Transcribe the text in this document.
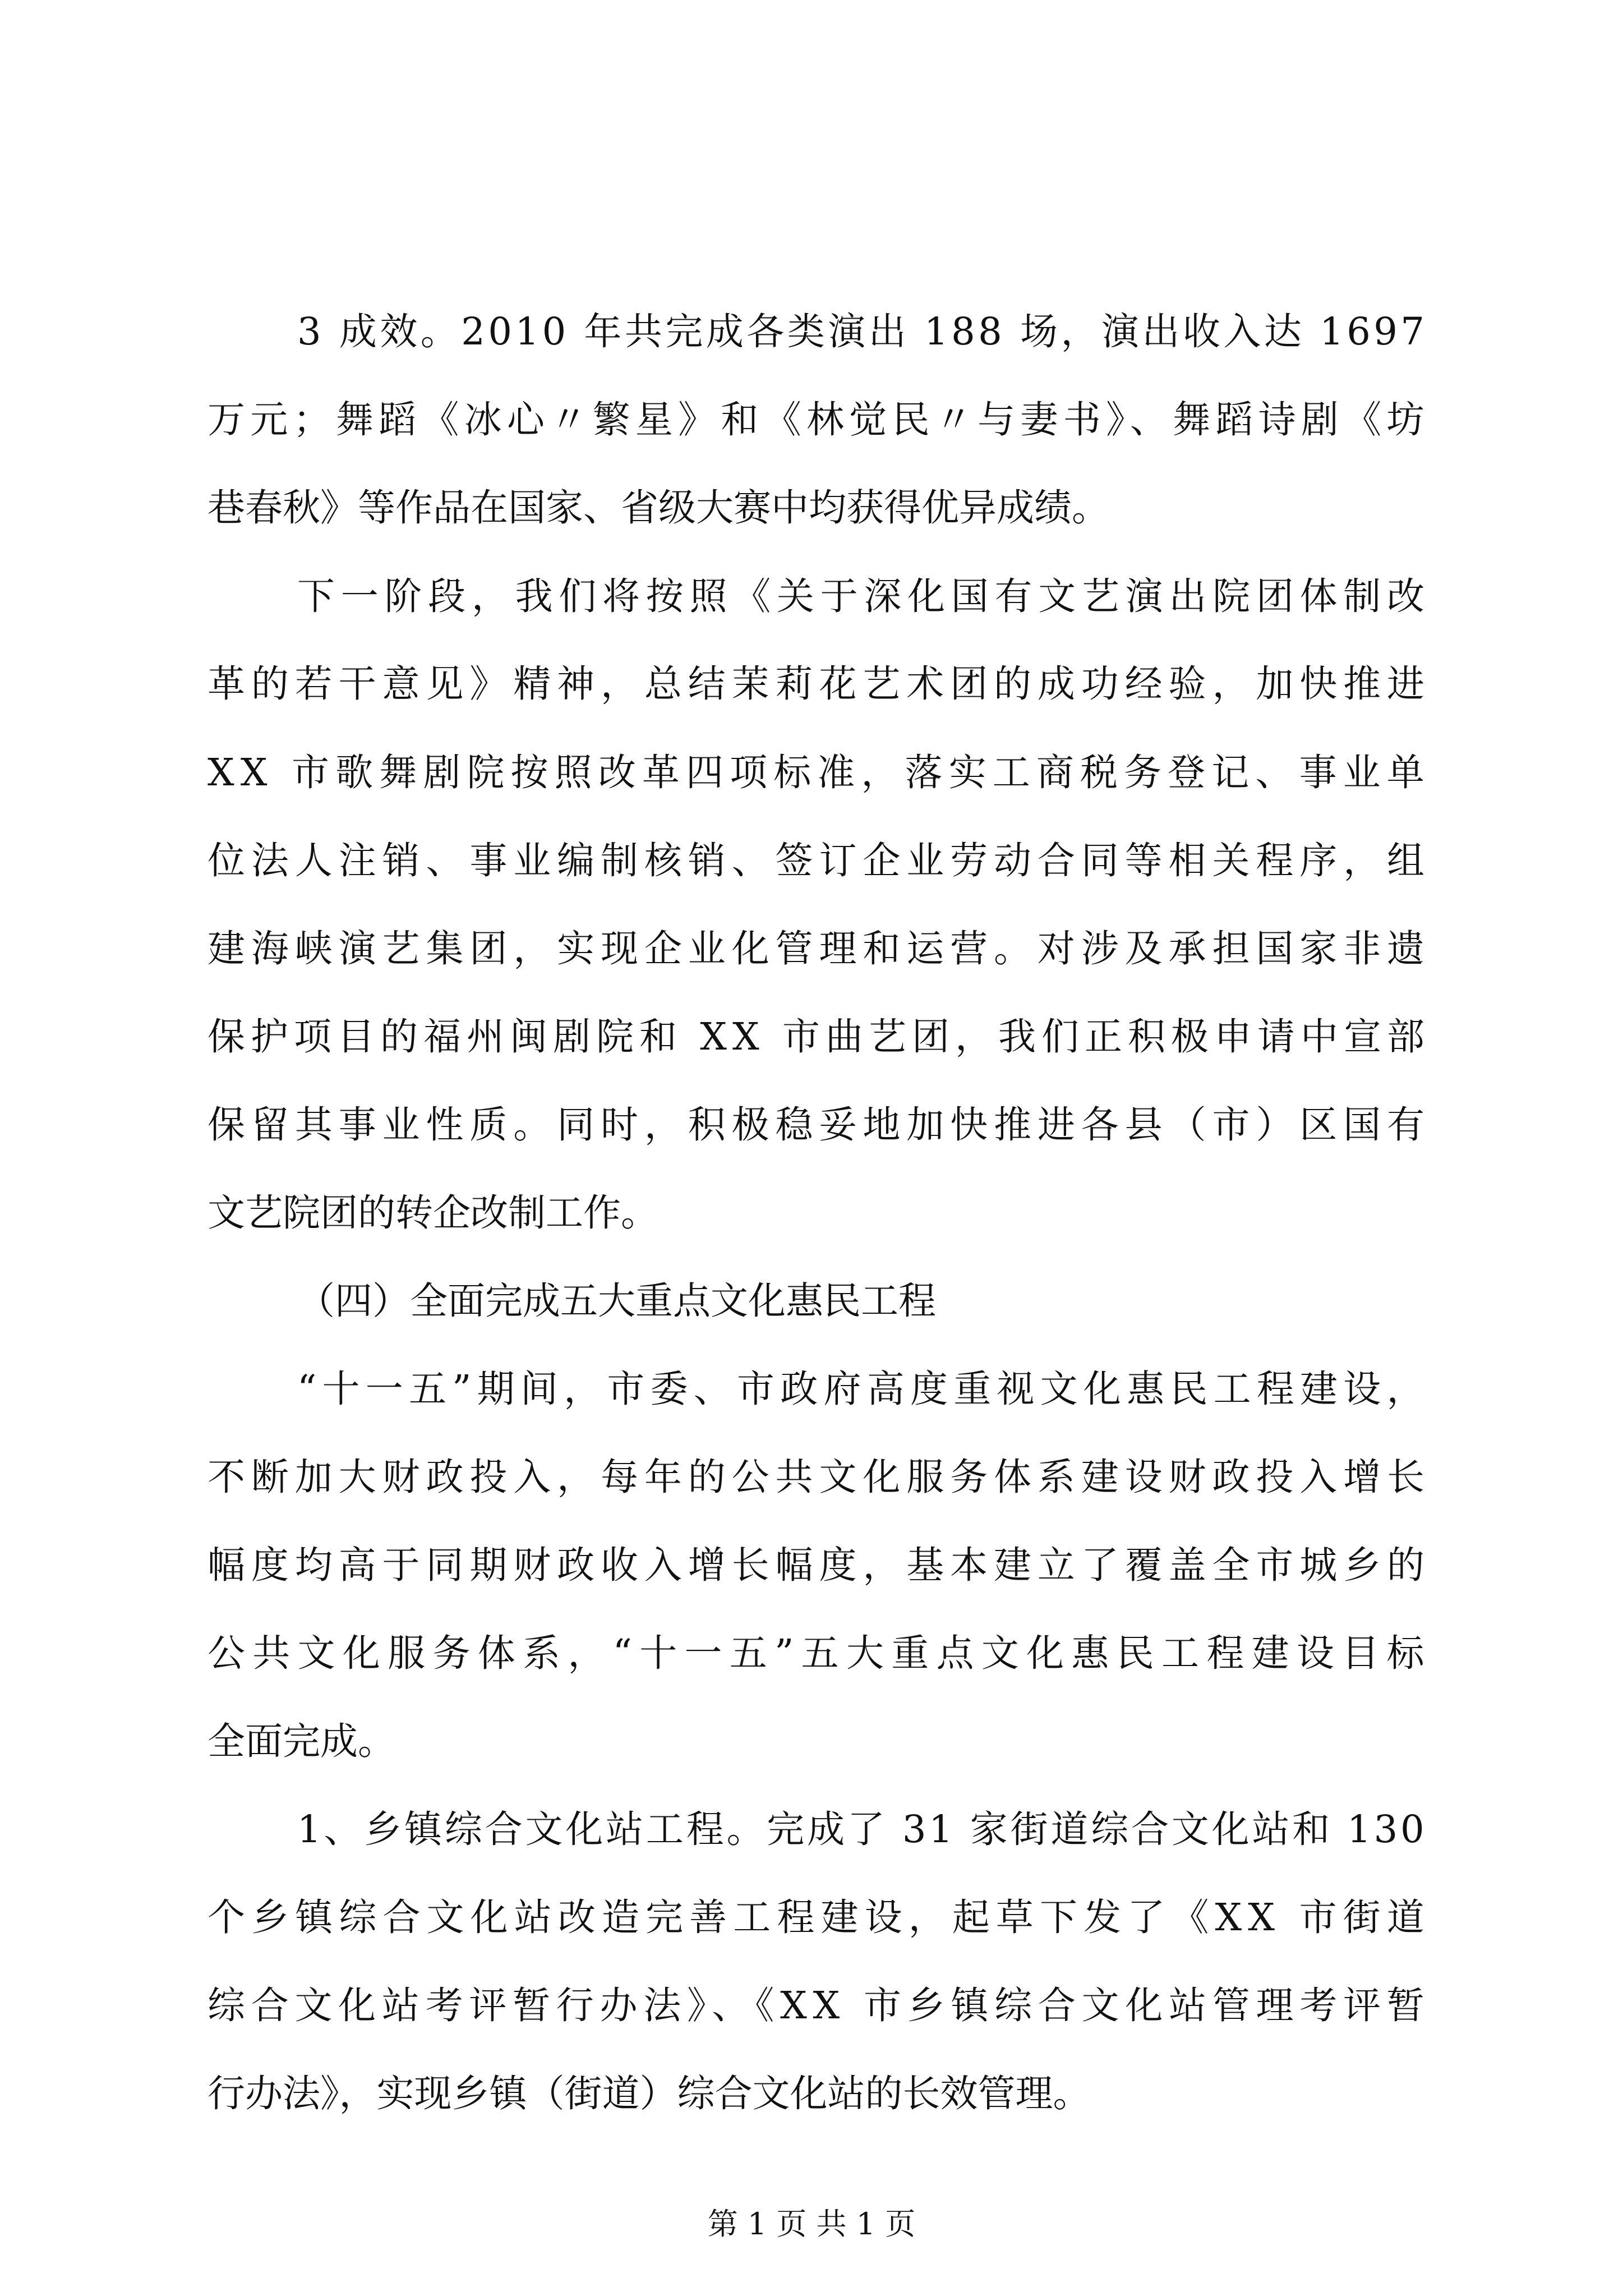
3 成效。2010 年共完成各类演出 188 场，演出收入达 1697
万元；舞蹈《冰心〃繁星》和《林觉民〃与妻书》、舞蹈诗剧《坊
巷春秋》等作品在国家、省级大赛中均获得优异成绩。
下一阶段，我们将按照《关于深化国有文艺演出院团体制改
革的若干意见》精神，总结茉莉花艺术团的成功经验，加快推进
XX 市歌舞剧院按照改革四项标准，落实工商税务登记、事业单
位法人注销、事业编制核销、签订企业劳动合同等相关程序，组
建海峡演艺集团，实现企业化管理和运营。对涉及承担国家非遗
保护项目的福州闽剧院和 XX 市曲艺团，我们正积极申请中宣部
保留其事业性质。同时，积极稳妥地加快推进各县（市）区国有
文艺院团的转企改制工作。
（四）全面完成五大重点文化惠民工程
“十一五”期间，市委、市政府高度重视文化惠民工程建设，
不断加大财政投入，每年的公共文化服务体系建设财政投入增长
幅度均高于同期财政收入增长幅度，基本建立了覆盖全市城乡的
公共文化服务体系，“十一五”五大重点文化惠民工程建设目标
全面完成。
1、乡镇综合文化站工程。完成了 31 家街道综合文化站和 130
个乡镇综合文化站改造完善工程建设，起草下发了《XX 市街道
综合文化站考评暂行办法》、《XX 市乡镇综合文化站管理考评暂
行办法》，实现乡镇（街道）综合文化站的长效管理。
第 1 页 共 1 页
